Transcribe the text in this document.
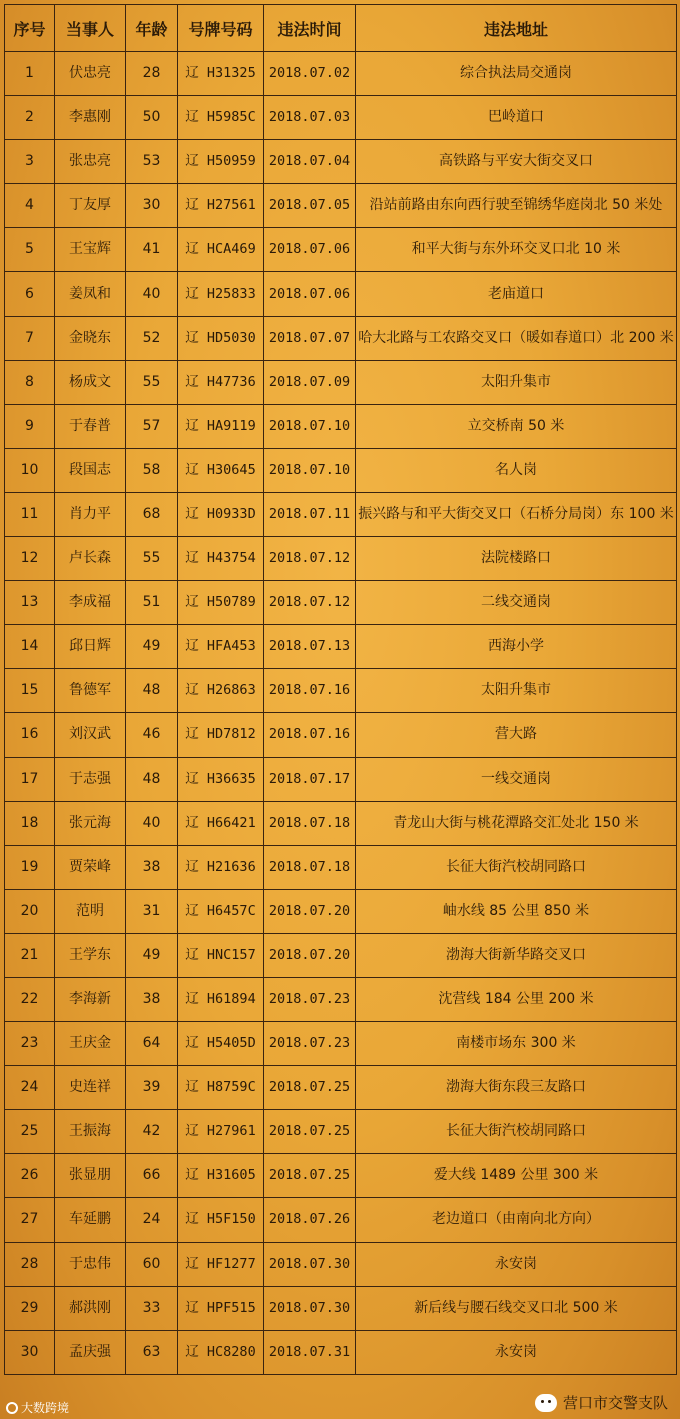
序号	当事人	年龄	号牌号码	违法时间	违法地址
1	伏忠亮	28	辽 H31325	2018.07.02	综合执法局交通岗
2	李惠刚	50	辽 H5985C	2018.07.03	巴岭道口
3	张忠亮	53	辽 H50959	2018.07.04	高铁路与平安大街交叉口
4	丁友厚	30	辽 H27561	2018.07.05	沿站前路由东向西行驶至锦绣华庭岗北 50 米处
5	王宝辉	41	辽 HCA469	2018.07.06	和平大街与东外环交叉口北 10 米
6	姜凤和	40	辽 H25833	2018.07.06	老庙道口
7	金晓东	52	辽 HD5030	2018.07.07	哈大北路与工农路交叉口（暖如春道口）北 200 米
8	杨成文	55	辽 H47736	2018.07.09	太阳升集市
9	于春普	57	辽 HA9119	2018.07.10	立交桥南 50 米
10	段国志	58	辽 H30645	2018.07.10	名人岗
11	肖力平	68	辽 H0933D	2018.07.11	振兴路与和平大街交叉口（石桥分局岗）东 100 米
12	卢长森	55	辽 H43754	2018.07.12	法院楼路口
13	李成福	51	辽 H50789	2018.07.12	二线交通岗
14	邱日辉	49	辽 HFA453	2018.07.13	西海小学
15	鲁德军	48	辽 H26863	2018.07.16	太阳升集市
16	刘汉武	46	辽 HD7812	2018.07.16	营大路
17	于志强	48	辽 H36635	2018.07.17	一线交通岗
18	张元海	40	辽 H66421	2018.07.18	青龙山大街与桃花潭路交汇处北 150 米
19	贾荣峰	38	辽 H21636	2018.07.18	长征大街汽校胡同路口
20	范明	31	辽 H6457C	2018.07.20	岫水线 85 公里 850 米
21	王学东	49	辽 HNC157	2018.07.20	渤海大街新华路交叉口
22	李海新	38	辽 H61894	2018.07.23	沈营线 184 公里 200 米
23	王庆金	64	辽 H5405D	2018.07.23	南楼市场东 300 米
24	史连祥	39	辽 H8759C	2018.07.25	渤海大街东段三友路口
25	王振海	42	辽 H27961	2018.07.25	长征大街汽校胡同路口
26	张显朋	66	辽 H31605	2018.07.25	爱大线 1489 公里 300 米
27	车延鹏	24	辽 H5F150	2018.07.26	老边道口（由南向北方向）
28	于忠伟	60	辽 HF1277	2018.07.30	永安岗
29	郝洪刚	33	辽 HPF515	2018.07.30	新后线与腰石线交叉口北 500 米
30	孟庆强	63	辽 HC8280	2018.07.31	永安岗
大数跨境	营口市交警支队
